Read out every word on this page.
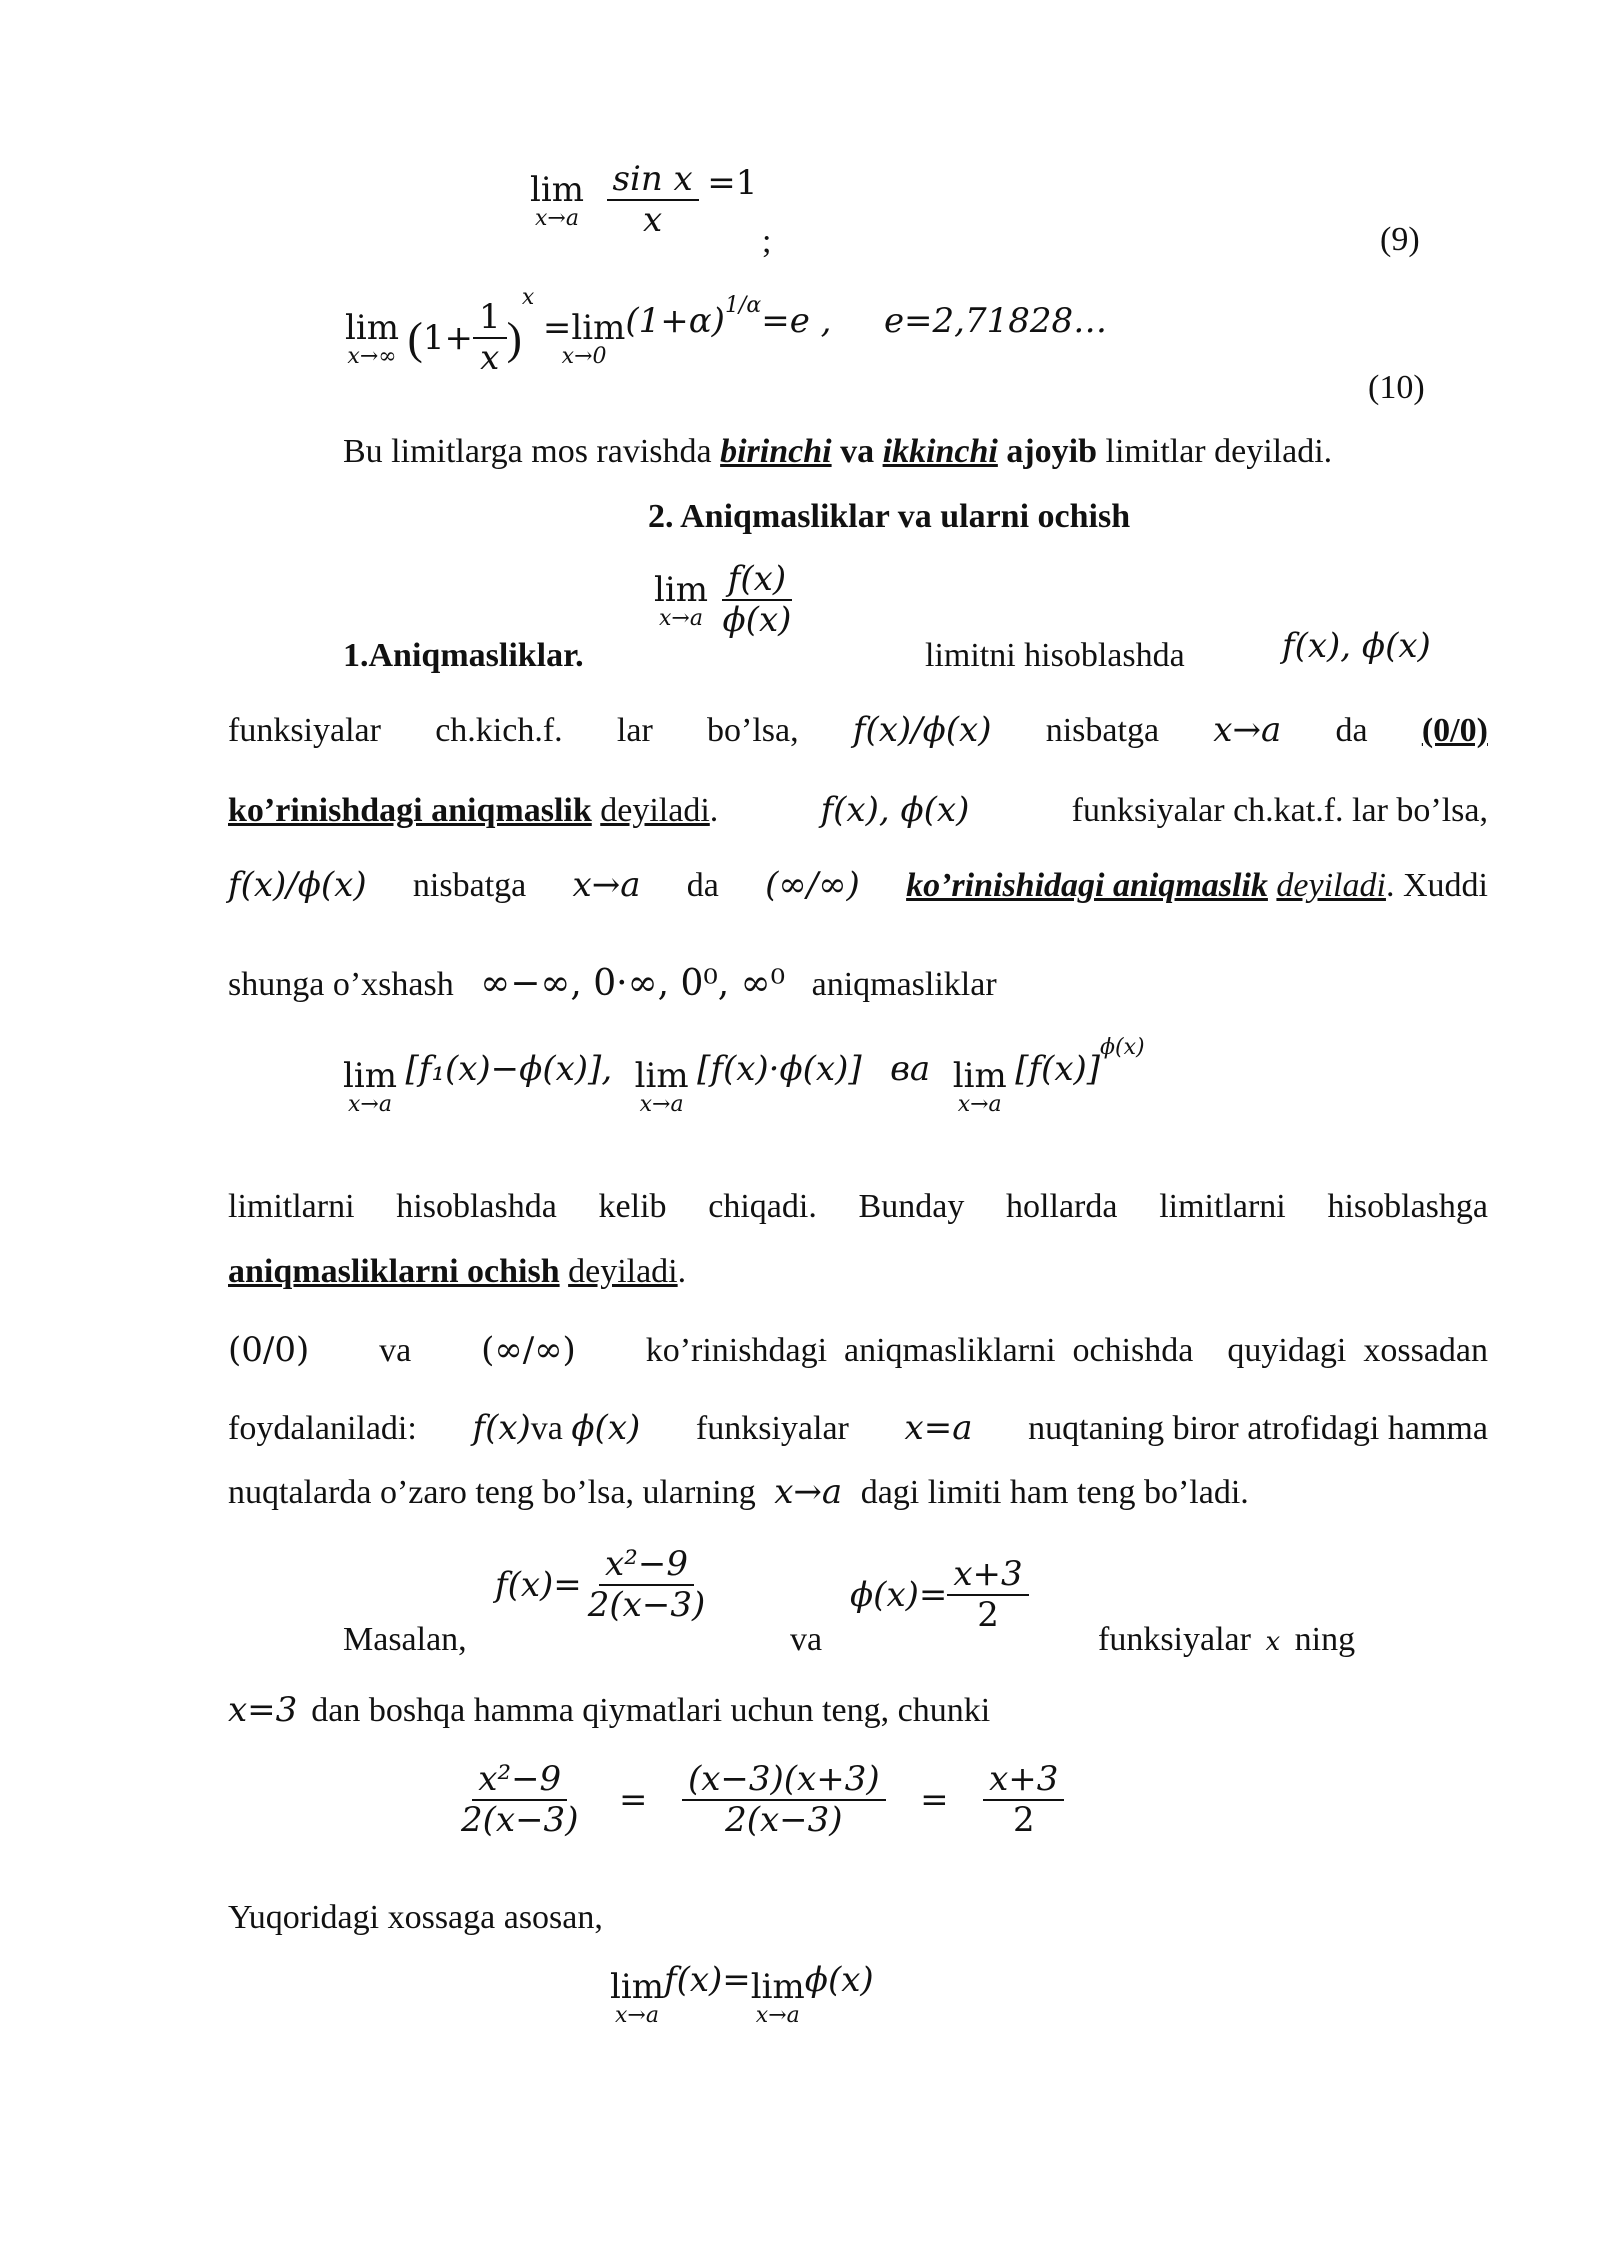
lim
x→a
$\frac{\text{sin x}}{x} =1$
;	(9)
lim
x→∞ $(1+ \frac{1}{x} )^x$
=lim
x→0
$(1+\alpha)^{1/\alpha}=e$ , e=2,71828…
(10)
Bu limitlarga mos ravishda birinchi va ikkinchi ajoyib limitlar deyiladi.
2. Aniqmasliklar va ularni ochish
1.Aniqmasliklar.
lim
x→a
$\frac{f(x)}{\phi(x)}$
limitni hisoblashda	f(x), ϕ(x)
funksiyalar ch.kich.f. lar bo’lsa, f(x)/ϕ(x) nisbatga x→a da (0/0)
ko’rinishdagi aniqmaslik deyiladi.	f(x), ϕ(x)	funksiyalar ch.kat.f. lar bo’lsa,
f(x)/ϕ(x) nisbatga x→a da (∞/∞) ko’rinishidagi aniqmaslik deyiladi. Xuddi
shunga o’xshash ∞−∞, 0·∞, 0⁰, ∞⁰ aniqmasliklar
lim
x→a
[f₁(x)−ϕ(x)], lim
x→a
[f(x)·ϕ(x)] ва lim
x→a
$[f(x)]^{\phi(x)}$
limitlarni hisoblashda kelib chiqadi. Bunday hollarda limitlarni hisoblashga
aniqmasliklarni ochish deyiladi.
(0/0) va (∞/∞) ko’rinishdagi  aniqmasliklarni  ochishda    quyidagi  xossadan
foydalaniladi: f(x)va ϕ(x) funksiyalar x=a nuqtaning biror atrofidagi hamma
nuqtalarda o’zaro teng bo’lsa, ularning x→a dagi limiti ham teng bo’ladi.
Masalan,
$f(x)= \frac{\text{x²−9}}{2(x-3)}$
va
$\phi(x)= \frac{x+3}{2}$
funksiyalar x ning
x=3 dan boshqa hamma qiymatlari uchun teng, chunki
$\frac{\text{x²−9}}{2(x-3)} = \frac{(x-3)(x+3)}{2(x-3)} = \frac{x+3}{2}$
Yuqoridagi xossaga asosan,
lim
x→a
f(x)= lim
x→a
ϕ(x)
